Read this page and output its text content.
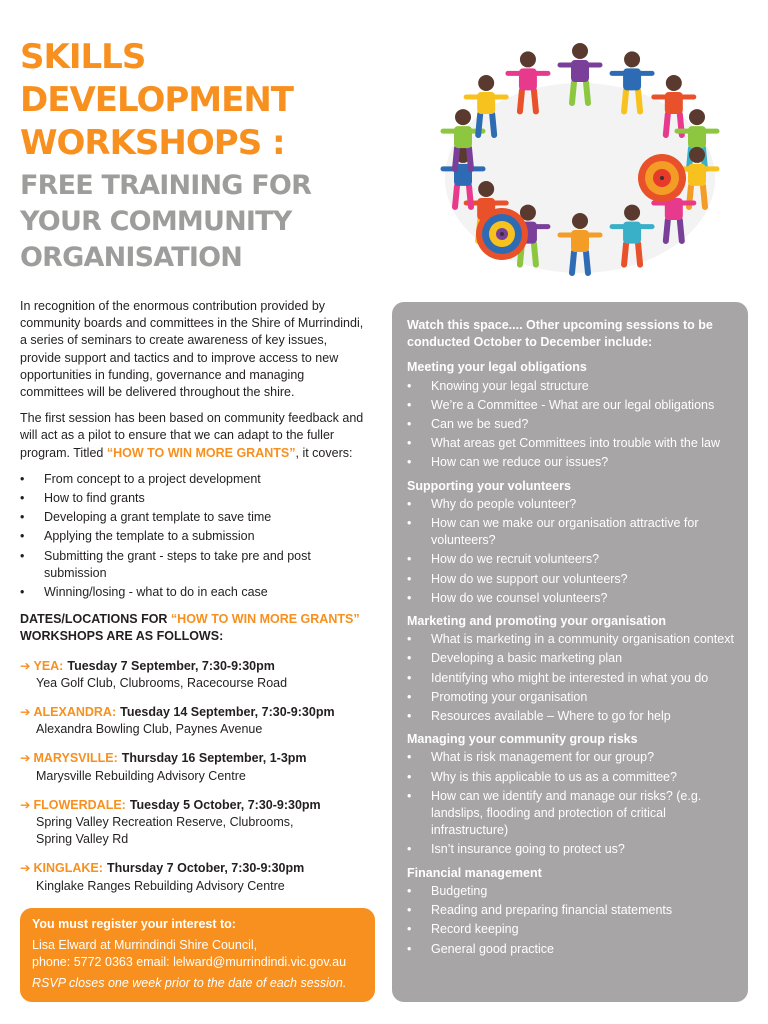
SKILLS
DEVELOPMENT
WORKSHOPS :
FREE TRAINING FOR
YOUR COMMUNITY
ORGANISATION

In recognition of the enormous contribution provided by community boards and committees in the Shire of Murrindindi, a series of seminars to create awareness of key issues, provide support and tactics and to improve access to new opportunities in funding, governance and managing committees will be delivered throughout the shire.

The first session has been based on community feedback and will act as a pilot to ensure that we can adapt to the fuller program. Titled “HOW TO WIN MORE GRANTS”, it covers:

• From concept to a project development
• How to find grants
• Developing a grant template to save time
• Applying the template to a submission
• Submitting the grant - steps to take pre and post submission
• Winning/losing - what to do in each case
DATES/LOCATIONS FOR “HOW TO WIN MORE GRANTS”
WORKSHOPS ARE AS FOLLOWS:
➔ YEA: Tuesday 7 September, 7:30-9:30pm
Yea Golf Club, Clubrooms, Racecourse Road
➔ ALEXANDRA: Tuesday 14 September, 7:30-9:30pm
Alexandra Bowling Club, Paynes Avenue
➔ MARYSVILLE: Thursday 16 September, 1-3pm
Marysville Rebuilding Advisory Centre
➔ FLOWERDALE: Tuesday 5 October, 7:30-9:30pm
Spring Valley Recreation Reserve, Clubrooms,
Spring Valley Rd
➔ KINGLAKE: Thursday 7 October, 7:30-9:30pm
Kinglake Ranges Rebuilding Advisory Centre
You must register your interest to:
Lisa Elward at Murrindindi Shire Council,
phone: 5772 0363 email: lelward@murrindindi.vic.gov.au
RSVP closes one week prior to the date of each session.
Watch this space.... Other upcoming sessions to be conducted October to December include:
Meeting your legal obligations
• Knowing your legal structure
• We’re a Committee - What are our legal obligations
• Can we be sued?
• What areas get Committees into trouble with the law
• How can we reduce our issues?
Supporting your volunteers
• Why do people volunteer?
• How can we make our organisation attractive for volunteers?
• How do we recruit volunteers?
• How do we support our volunteers?
• How do we counsel volunteers?
Marketing and promoting your organisation
• What is marketing in a community organisation context
• Developing a basic marketing plan
• Identifying who might be interested in what you do
• Promoting your organisation
• Resources available – Where to go for help
Managing your community group risks
• What is risk management for our group?
• Why is this applicable to us as a committee?
• How can we identify and manage our risks? (e.g. landslips, flooding and protection of critical infrastructure)
• Isn’t insurance going to protect us?
Financial management
• Budgeting
• Reading and preparing financial statements
• Record keeping
• General good practice
